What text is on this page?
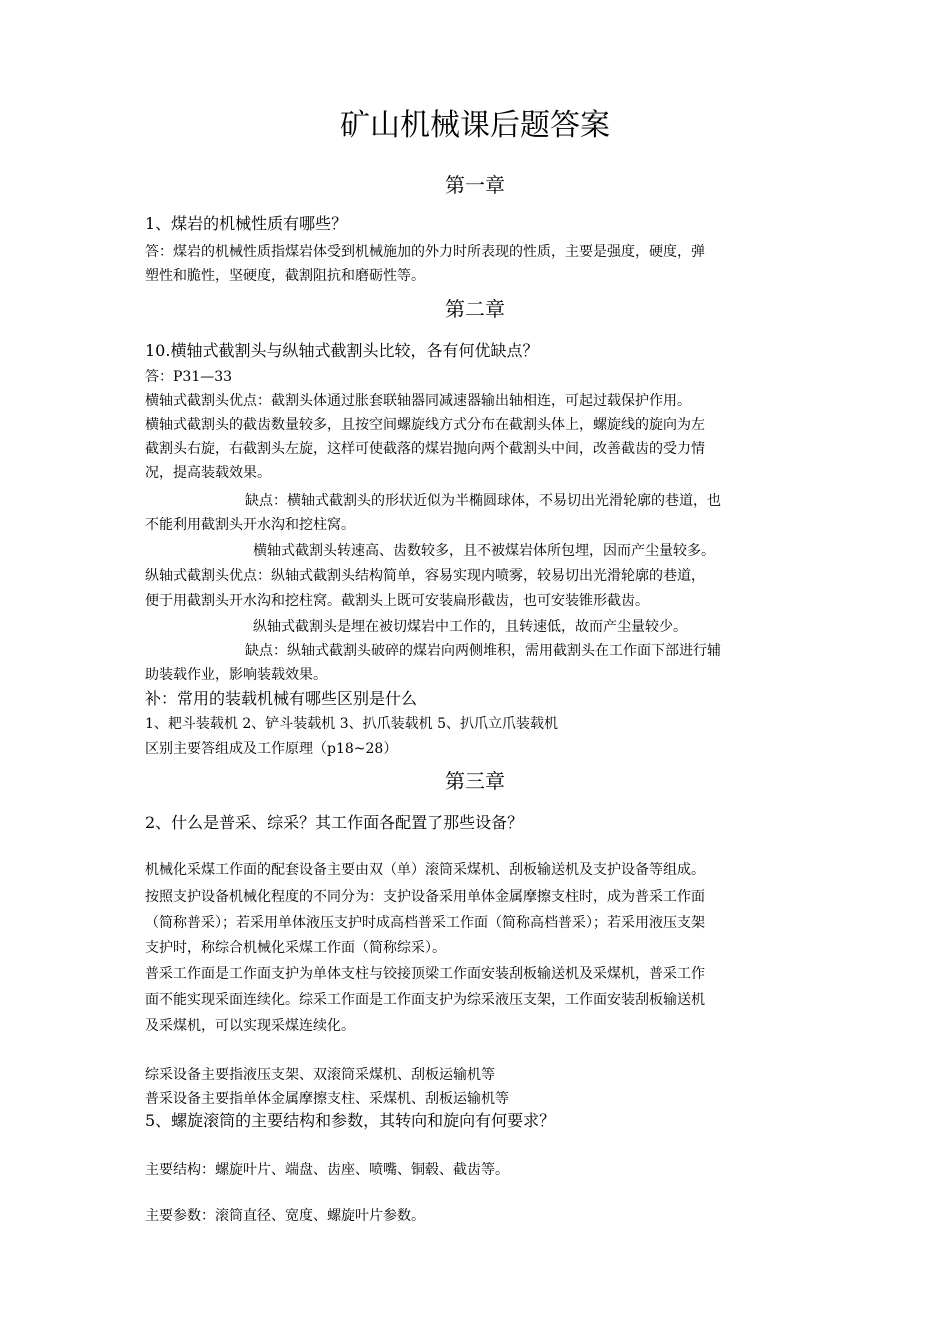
矿山机械课后题答案
第一章
1、煤岩的机械性质有哪些？
答：煤岩的机械性质指煤岩体受到机械施加的外力时所表现的性质，主要是强度，硬度，弹
塑性和脆性，坚硬度，截割阻抗和磨砺性等。
第二章
10.横轴式截割头与纵轴式截割头比较，各有何优缺点？
答：P31—33
横轴式截割头优点：截割头体通过胀套联轴器同减速器输出轴相连，可起过载保护作用。
横轴式截割头的截齿数量较多，且按空间螺旋线方式分布在截割头体上，螺旋线的旋向为左
截割头右旋，右截割头左旋，这样可使截落的煤岩抛向两个截割头中间，改善截齿的受力情
况，提高装载效果。
缺点：横轴式截割头的形状近似为半椭圆球体，不易切出光滑轮廓的巷道，也
不能利用截割头开水沟和挖柱窝。
横轴式截割头转速高、齿数较多，且不被煤岩体所包埋，因而产尘量较多。
纵轴式截割头优点：纵轴式截割头结构简单，容易实现内喷雾，较易切出光滑轮廓的巷道，
便于用截割头开水沟和挖柱窝。截割头上既可安装扁形截齿，也可安装锥形截齿。
纵轴式截割头是埋在被切煤岩中工作的，且转速低，故而产尘量较少。
缺点：纵轴式截割头破碎的煤岩向两侧堆积，需用截割头在工作面下部进行辅
助装载作业，影响装载效果。
补：常用的装载机械有哪些区别是什么
1、耙斗装载机 2、铲斗装载机 3、扒爪装载机 5、扒爪立爪装载机
区别主要答组成及工作原理（p18~28）
第三章
2、什么是普采、综采？其工作面各配置了那些设备？
机械化采煤工作面的配套设备主要由双（单）滚筒采煤机、刮板输送机及支护设备等组成。
按照支护设备机械化程度的不同分为：支护设备采用单体金属摩擦支柱时，成为普采工作面
（简称普采）；若采用单体液压支护时成高档普采工作面（简称高档普采）；若采用液压支架
支护时，称综合机械化采煤工作面（简称综采）。
普采工作面是工作面支护为单体支柱与铰接顶梁工作面安装刮板输送机及采煤机，普采工作
面不能实现采面连续化。综采工作面是工作面支护为综采液压支架，工作面安装刮板输送机
及采煤机，可以实现采煤连续化。
综采设备主要指液压支架、双滚筒采煤机、刮板运输机等
普采设备主要指单体金属摩擦支柱、采煤机、刮板运输机等
5、螺旋滚筒的主要结构和参数，其转向和旋向有何要求？
主要结构：螺旋叶片、端盘、齿座、喷嘴、铜毂、截齿等。
主要参数：滚筒直径、宽度、螺旋叶片参数。
